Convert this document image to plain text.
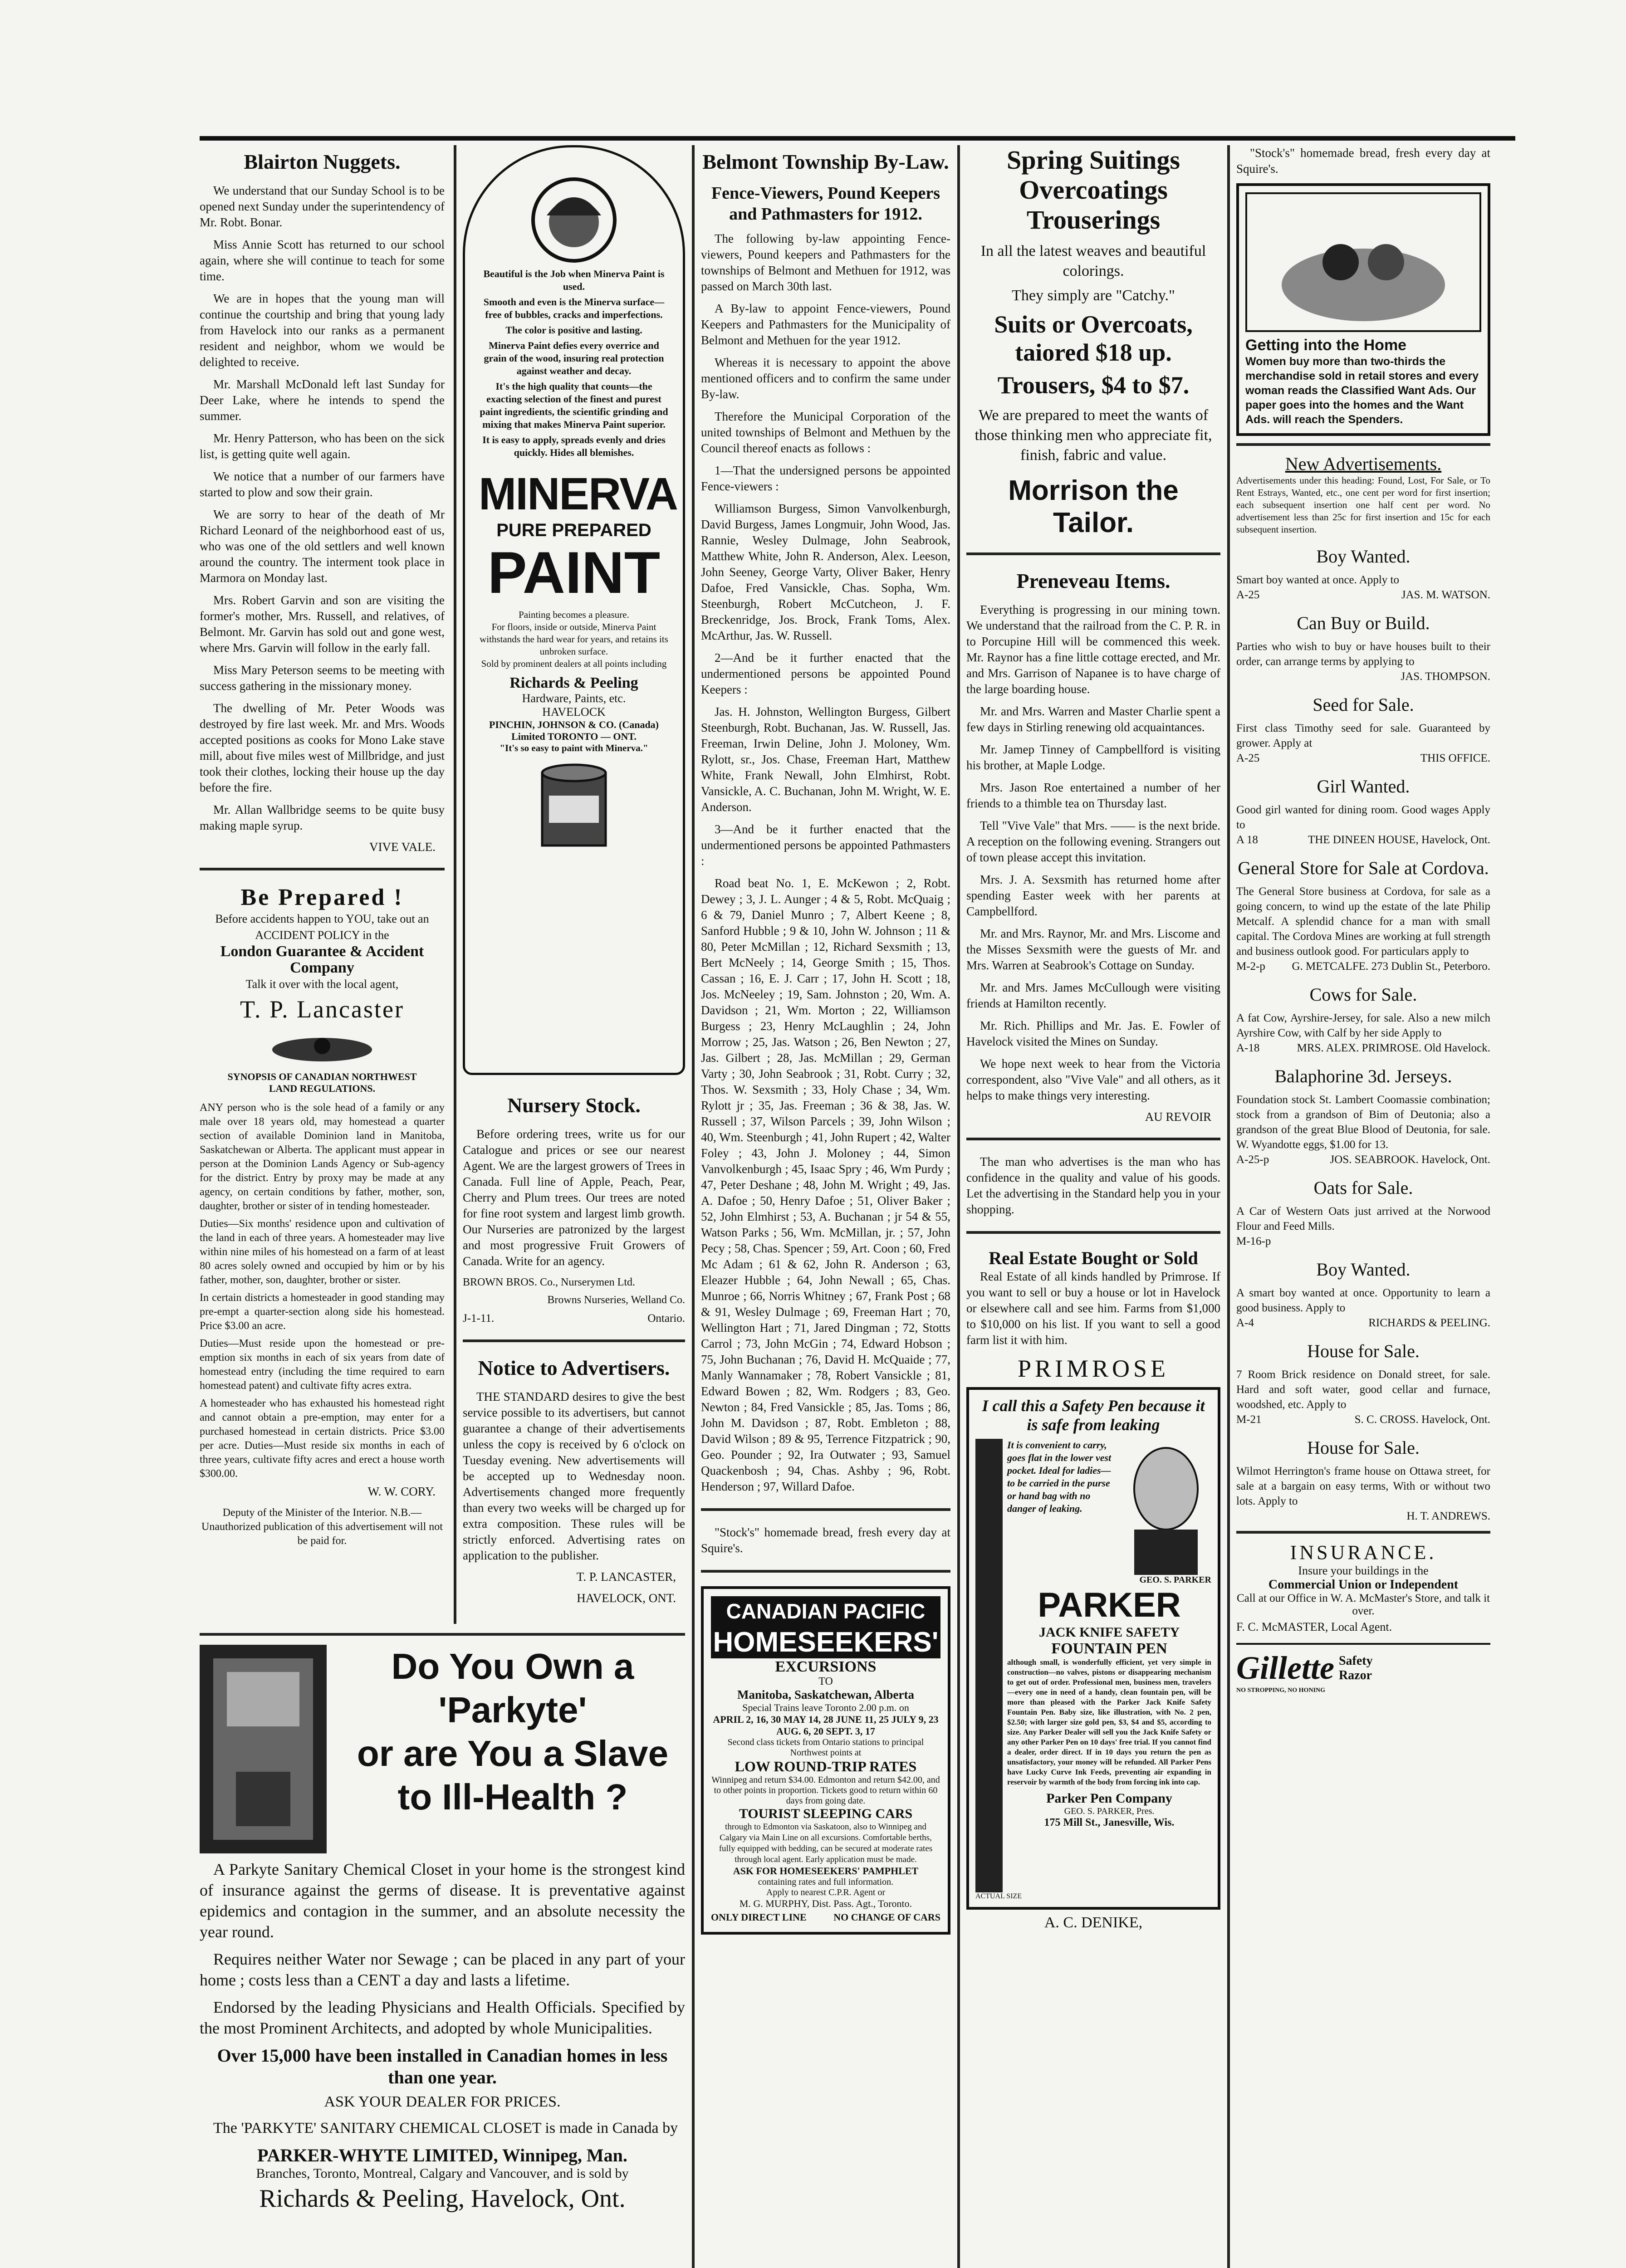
Blairton Nuggets.

We understand that our Sunday School is to be opened next Sunday under the superintendency of Mr. Robt. Bonar.

Miss Annie Scott has returned to our school again, where she will continue to teach for some time.

We are in hopes that the young man will continue the courtship and bring that young lady from Havelock into our ranks as a permanent resident and neighbor, whom we would be delighted to receive.

Mr. Marshall McDonald left last Sunday for Deer Lake, where he intends to spend the summer.

Mr. Henry Patterson, who has been on the sick list, is getting quite well again.

We notice that a number of our farmers have started to plow and sow their grain.

We are sorry to hear of the death of Mr Richard Leonard of the neighborhood east of us, who was one of the old settlers and well known around the country. The interment took place in Marmora on Monday last.

Mrs. Robert Garvin and son are visiting the former's mother, Mrs. Russell, and relatives, of Belmont. Mr. Garvin has sold out and gone west, where Mrs. Garvin will follow in the early fall.

Miss Mary Peterson seems to be meeting with success gathering in the missionary money.

The dwelling of Mr. Peter Woods was destroyed by fire last week. Mr. and Mrs. Woods accepted positions as cooks for Mono Lake stave mill, about five miles west of Millbridge, and just took their clothes, locking their house up the day before the fire.

Mr. Allan Wallbridge seems to be quite busy making maple syrup.

VIVE VALE.
Be Prepared !
Before accidents happen to YOU, take out an ACCIDENT POLICY in the
London Guarantee & Accident Company
Talk it over with the local agent,
T. P. Lancaster
SYNOPSIS OF CANADIAN NORTHWEST LAND REGULATIONS.

ANY person who is the sole head of a family or any male over 18 years old, may homestead a quarter section of available Dominion land in Manitoba, Saskatchewan or Alberta. The applicant must appear in person at the Dominion Lands Agency or Sub-agency for the district. Entry by proxy may be made at any agency, on certain conditions by father, mother, son, daughter, brother or sister of in tending homesteader.

Duties—Six months' residence upon and cultivation of the land in each of three years. A homesteader may live within nine miles of his homestead on a farm of at least 80 acres solely owned and occupied by him or by his father, mother, son, daughter, brother or sister.

In certain districts a homesteader in good standing may pre-empt a quarter-section along side his homestead. Price $3.00 an acre.

Duties—Must reside upon the homestead or pre-emption six months in each of six years from date of homestead entry (including the time required to earn homestead patent) and cultivate fifty acres extra.

A homesteader who has exhausted his homestead right and cannot obtain a pre-emption, may enter for a purchased homestead in certain districts. Price $3.00 per acre. Duties—Must reside six months in each of three years, cultivate fifty acres and erect a house worth $300.00.

W. W. CORY.
Deputy of the Minister of the Interior. N.B.—Unauthorized publication of this advertisement will not be paid for.
Beautiful is the Job when Minerva Paint is used.
Smooth and even is the Minerva surface—free of bubbles, cracks and imperfections.
The color is positive and lasting.
Minerva Paint defies every overrice and grain of the wood, insuring real protection against weather and decay.
It's the high quality that counts—the exacting selection of the finest and purest paint ingredients, the scientific grinding and mixing that makes Minerva Paint superior.
It is easy to apply, spreads evenly and dries quickly. Hides all blemishes.
MINERVA
PURE PREPARED
PAINT
Painting becomes a pleasure.
For floors, inside or outside, Minerva Paint withstands the hard wear for years, and retains its unbroken surface.
Sold by prominent dealers at all points including
Richards & Peeling
Hardware, Paints, etc.
HAVELOCK
PINCHIN, JOHNSON & CO. (Canada) Limited TORONTO — ONT.
"It's so easy to paint with Minerva."
Nursery Stock.

Before ordering trees, write us for our Catalogue and prices or see our nearest Agent. We are the largest growers of Trees in Canada. Full line of Apple, Peach, Pear, Cherry and Plum trees. Our trees are noted for fine root system and largest limb growth. Our Nurseries are patronized by the largest and most progressive Fruit Growers of Canada. Write for an agency.

BROWN BROS. Co., Nurserymen Ltd.
Browns Nurseries, Welland Co.
J-1-11.	Ontario.
Notice to Advertisers.

THE STANDARD desires to give the best service possible to its advertisers, but cannot guarantee a change of their advertisements unless the copy is received by 6 o'clock on Tuesday evening. New advertisements will be accepted up to Wednesday noon. Advertisements changed more frequently than every two weeks will be charged up for extra composition. These rules will be strictly enforced. Advertising rates on application to the publisher.

T. P. LANCASTER,
HAVELOCK, ONT.
Do You Own a 'Parkyte'
or are You a Slave
to Ill-Health ?

A Parkyte Sanitary Chemical Closet in your home is the strongest kind of insurance against the germs of disease. It is preventative against epidemics and contagion in the summer, and an absolute necessity the year round.

Requires neither Water nor Sewage ; can be placed in any part of your home ; costs less than a CENT a day and lasts a lifetime.

Endorsed by the leading Physicians and Health Officials. Specified by the most Prominent Architects, and adopted by whole Municipalities.

Over 15,000 have been installed in Canadian homes in less than one year.

ASK YOUR DEALER FOR PRICES.

The 'PARKYTE' SANITARY CHEMICAL CLOSET is made in Canada by

PARKER-WHYTE LIMITED, Winnipeg, Man.
Branches, Toronto, Montreal, Calgary and Vancouver, and is sold by
Richards & Peeling, Havelock, Ont.
Belmont Township By-Law.
Fence-Viewers, Pound Keepers and Pathmasters for 1912.

The following by-law appointing Fence-viewers, Pound keepers and Pathmasters for the townships of Belmont and Methuen for 1912, was passed on March 30th last.

A By-law to appoint Fence-viewers, Pound Keepers and Pathmasters for the Municipality of Belmont and Methuen for the year 1912.

Whereas it is necessary to appoint the above mentioned officers and to confirm the same under By-law.

Therefore the Municipal Corporation of the united townships of Belmont and Methuen by the Council thereof enacts as follows :

1—That the undersigned persons be appointed Fence-viewers :

Williamson Burgess, Simon Vanvolkenburgh, David Burgess, James Longmuir, John Wood, Jas. Rannie, Wesley Dulmage, John Seabrook, Matthew White, John R. Anderson, Alex. Leeson, John Seeney, George Varty, Oliver Baker, Henry Dafoe, Fred Vansickle, Chas. Sopha, Wm. Steenburgh, Robert McCutcheon, J. F. Breckenridge, Jos. Brock, Frank Toms, Alex. McArthur, Jas. W. Russell.

2—And be it further enacted that the undermentioned persons be appointed Pound Keepers :

Jas. H. Johnston, Wellington Burgess, Gilbert Steenburgh, Robt. Buchanan, Jas. W. Russell, Jas. Freeman, Irwin Deline, John J. Moloney, Wm. Rylott, sr., Jos. Chase, Freeman Hart, Matthew White, Frank Newall, John Elmhirst, Robt. Vansickle, A. C. Buchanan, John M. Wright, W. E. Anderson.

3—And be it further enacted that the undermentioned persons be appointed Pathmasters :

Road beat No. 1, E. McKewon ; 2, Robt. Dewey ; 3, J. L. Aunger ; 4 & 5, Robt. McQuaig ; 6 & 79, Daniel Munro ; 7, Albert Keene ; 8, Sanford Hubble ; 9 & 10, John W. Johnson ; 11 & 80, Peter McMillan ; 12, Richard Sexsmith ; 13, Bert McNeely ; 14, George Smith ; 15, Thos. Cassan ; 16, E. J. Carr ; 17, John H. Scott ; 18, Jos. McNeeley ; 19, Sam. Johnston ; 20, Wm. A. Davidson ; 21, Wm. Morton ; 22, Williamson Burgess ; 23, Henry McLaughlin ; 24, John Morrow ; 25, Jas. Watson ; 26, Ben Newton ; 27, Jas. Gilbert ; 28, Jas. McMillan ; 29, German Varty ; 30, John Seabrook ; 31, Robt. Curry ; 32, Thos. W. Sexsmith ; 33, Holy Chase ; 34, Wm. Rylott jr ; 35, Jas. Freeman ; 36 & 38, Jas. W. Russell ; 37, Wilson Parcels ; 39, John Wilson ; 40, Wm. Steenburgh ; 41, John Rupert ; 42, Walter Foley ; 43, John J. Moloney ; 44, Simon Vanvolkenburgh ; 45, Isaac Spry ; 46, Wm Purdy ; 47, Peter Deshane ; 48, John M. Wright ; 49, Jas. A. Dafoe ; 50, Henry Dafoe ; 51, Oliver Baker ; 52, John Elmhirst ; 53, A. Buchanan ; jr 54 & 55, Watson Parks ; 56, Wm. McMillan, jr. ; 57, John Pecy ; 58, Chas. Spencer ; 59, Art. Coon ; 60, Fred Mc Adam ; 61 & 62, John R. Anderson ; 63, Eleazer Hubble ; 64, John Newall ; 65, Chas. Munroe ; 66, Norris Whitney ; 67, Frank Post ; 68 & 91, Wesley Dulmage ; 69, Freeman Hart ; 70, Wellington Hart ; 71, Jared Dingman ; 72, Stotts Carrol ; 73, John McGin ; 74, Edward Hobson ; 75, John Buchanan ; 76, David H. McQuaide ; 77, Manly Wannamaker ; 78, Robert Vansickle ; 81, Edward Bowen ; 82, Wm. Rodgers ; 83, Geo. Newton ; 84, Fred Vansickle ; 85, Jas. Toms ; 86, John M. Davidson ; 87, Robt. Embleton ; 88, David Wilson ; 89 & 95, Terrence Fitzpatrick ; 90, Geo. Pounder ; 92, Ira Outwater ; 93, Samuel Quackenbosh ; 94, Chas. Ashby ; 96, Robt. Henderson ; 97, Willard Dafoe.

"Stock's" homemade bread, fresh every day at Squire's.

CANADIAN PACIFIC
HOMESEEKERS'
EXCURSIONS
TO
Manitoba, Saskatchewan, Alberta
Special Trains leave Toronto 2.00 p.m. on
APRIL 2, 16, 30 MAY 14, 28 JUNE 11, 25 JULY 9, 23 AUG. 6, 20 SEPT. 3, 17
Second class tickets from Ontario stations to principal Northwest points at
LOW ROUND-TRIP RATES
Winnipeg and return $34.00. Edmonton and return $42.00, and to other points in proportion. Tickets good to return within 60 days from going date.
TOURIST SLEEPING CARS
through to Edmonton via Saskatoon, also to Winnipeg and Calgary via Main Line on all excursions. Comfortable berths, fully equipped with bedding, can be secured at moderate rates through local agent. Early application must be made.
ASK FOR HOMESEEKERS' PAMPHLET
containing rates and full information.
Apply to nearest C.P.R. Agent or
M. G. MURPHY, Dist. Pass. Agt., Toronto.
ONLY DIRECT LINE	NO CHANGE OF CARS
Spring Suitings
Overcoatings
Trouserings
In all the latest weaves and beautiful colorings.
They simply are "Catchy."
Suits or Overcoats, taiored $18 up.
Trousers, $4 to $7.
We are prepared to meet the wants of those thinking men who appreciate fit, finish, fabric and value.
Morrison the Tailor.
Preneveau Items.

Everything is progressing in our mining town. We understand that the railroad from the C. P. R. in to Porcupine Hill will be commenced this week. Mr. Raynor has a fine little cottage erected, and Mr. and Mrs. Garrison of Napanee is to have charge of the large boarding house.

Mr. and Mrs. Warren and Master Charlie spent a few days in Stirling renewing old acquaintances.

Mr. Jamep Tinney of Campbellford is visiting his brother, at Maple Lodge.

Mrs. Jason Roe entertained a number of her friends to a thimble tea on Thursday last.

Tell "Vive Vale" that Mrs. —— is the next bride. A reception on the following evening. Strangers out of town please accept this invitation.

Mrs. J. A. Sexsmith has returned home after spending Easter week with her parents at Campbellford.

Mr. and Mrs. Raynor, Mr. and Mrs. Liscome and the Misses Sexsmith were the guests of Mr. and Mrs. Warren at Seabrook's Cottage on Sunday.

Mr. and Mrs. James McCullough were visiting friends at Hamilton recently.

Mr. Rich. Phillips and Mr. Jas. E. Fowler of Havelock visited the Mines on Sunday.

We hope next week to hear from the Victoria correspondent, also "Vive Vale" and all others, as it helps to make things very interesting.

AU REVOIR

The man who advertises is the man who has confidence in the quality and value of his goods. Let the advertising in the Standard help you in your shopping.

Real Estate Bought or Sold

Real Estate of all kinds handled by Primrose. If you want to sell or buy a house or lot in Havelock or elsewhere call and see him. Farms from $1,000 to $10,000 on his list. If you want to sell a good farm list it with him.

PRIMROSE
I call this a Safety Pen because it is safe from leaking
It is convenient to carry, goes flat in the lower vest pocket. Ideal for ladies—to be carried in the purse or hand bag with no danger of leaking.
GEO. S. PARKER
PARKER
JACK KNIFE SAFETY
FOUNTAIN PEN
although small, is wonderfully efficient, yet very simple in construction—no valves, pistons or disappearing mechanism to get out of order. Professional men, business men, travelers—every one in need of a handy, clean fountain pen, will be more than pleased with the Parker Jack Knife Safety Fountain Pen. Baby size, like illustration, with No. 2 pen, $2.50; with larger size gold pen, $3, $4 and $5, according to size. Any Parker Dealer will sell you the Jack Knife Safety or any other Parker Pen on 10 days' free trial. If you cannot find a dealer, order direct. If in 10 days you return the pen as unsatisfactory, your money will be refunded. All Parker Pens have Lucky Curve Ink Feeds, preventing air expanding in reservoir by warmth of the body from forcing ink into cap.
Parker Pen Company
GEO. S. PARKER, Pres.
175 Mill St., Janesville, Wis.
ACTUAL SIZE
A. C. DENIKE,

"Stock's" homemade bread, fresh every day at Squire's.

Getting into the Home
Women buy more than two-thirds the merchandise sold in retail stores and every woman reads the Classified Want Ads. Our paper goes into the homes and the Want Ads. will reach the Spenders.
New Advertisements.

Advertisements under this heading: Found, Lost, For Sale, or To Rent Estrays, Wanted, etc., one cent per word for first insertion; each subsequent insertion one half cent per word. No advertisement less than 25c for first insertion and 15c for each subsequent insertion.

Boy Wanted.

Smart boy wanted at once. Apply to

A-25	JAS. M. WATSON.
Can Buy or Build.

Parties who wish to buy or have houses built to their order, can arrange terms by applying to

JAS. THOMPSON.
Seed for Sale.

First class Timothy seed for sale. Guaranteed by grower. Apply at

A-25	THIS OFFICE.
Girl Wanted.

Good girl wanted for dining room. Good wages Apply to

A 18	THE DINEEN HOUSE, Havelock, Ont.
General Store for Sale at Cordova.

The General Store business at Cordova, for sale as a going concern, to wind up the estate of the late Philip Metcalf. A splendid chance for a man with small capital. The Cordova Mines are working at full strength and business outlook good. For particulars apply to

M-2-p G. METCALFE. 273 Dublin St., Peterboro.
Cows for Sale.

A fat Cow, Ayrshire-Jersey, for sale. Also a new milch Ayrshire Cow, with Calf by her side Apply to

A-18	MRS. ALEX. PRIMROSE. Old Havelock.
Balaphorine 3d. Jerseys.

Foundation stock St. Lambert Coomassie combination; stock from a grandson of Bim of Deutonia; also a grandson of the great Blue Blood of Deutonia, for sale. W. Wyandotte eggs, $1.00 for 13.

A-25-p	JOS. SEABROOK. Havelock, Ont.
Oats for Sale.

A Car of Western Oats just arrived at the Norwood Flour and Feed Mills.

M-16-p
Boy Wanted.

A smart boy wanted at once. Opportunity to learn a good business. Apply to

A-4	RICHARDS & PEELING.
House for Sale.

7 Room Brick residence on Donald street, for sale. Hard and soft water, good cellar and furnace, woodshed, etc. Apply to

M-21	S. C. CROSS. Havelock, Ont.
House for Sale.

Wilmot Herrington's frame house on Ottawa street, for sale at a bargain on easy terms, With or without two lots. Apply to

H. T. ANDREWS.
INSURANCE.
Insure your buildings in the
Commercial Union or Independent
Call at our Office in W. A. McMaster's Store, and talk it over.
F. C. McMASTER, Local Agent.
Gillette Safety Razor
NO STROPPING, NO HONING
